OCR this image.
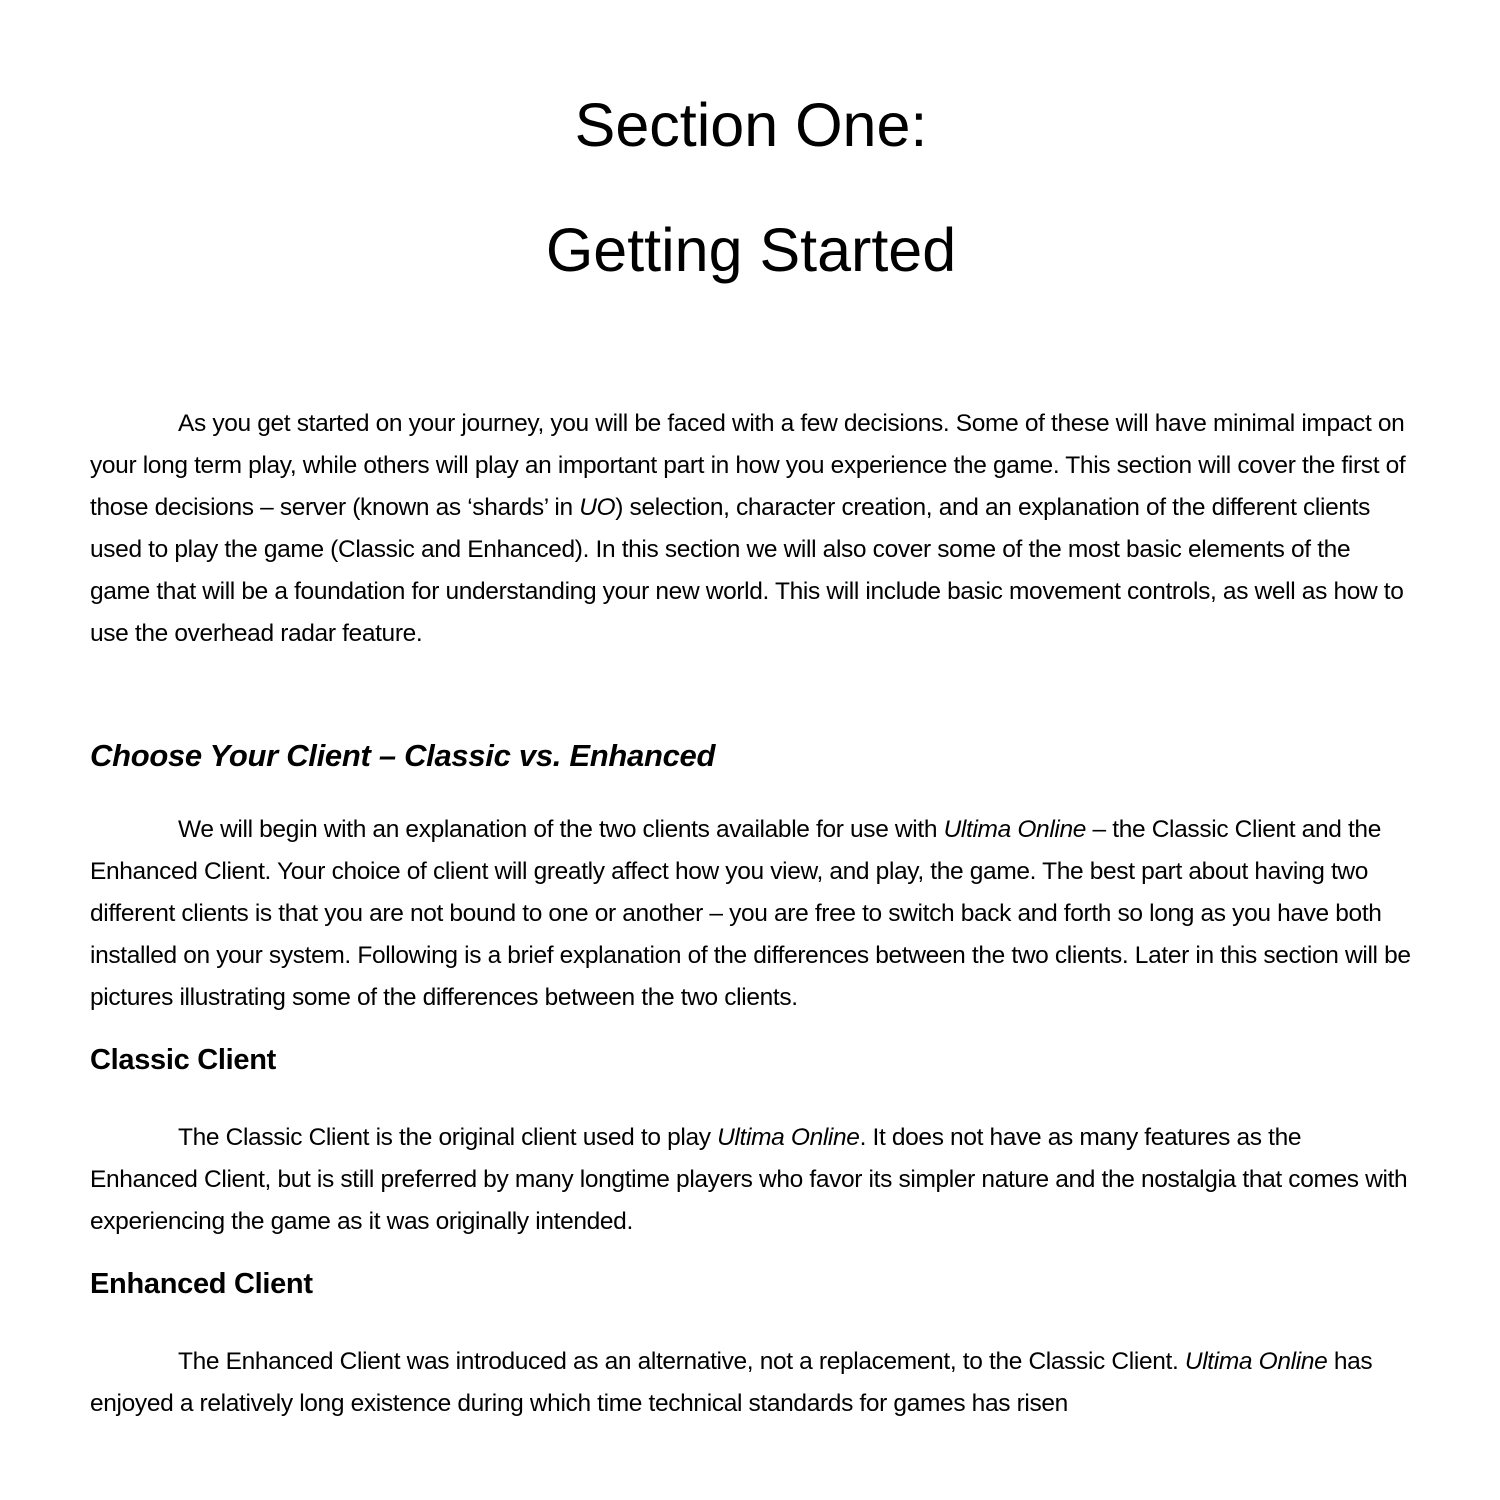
Section One:
Getting Started

As you get started on your journey, you will be faced with a few decisions. Some of these will have minimal impact on your long term play, while others will play an important part in how you experience the game. This section will cover the first of those decisions – server (known as ‘shards’ in UO) selection, character creation, and an explanation of the different clients used to play the game (Classic and Enhanced). In this section we will also cover some of the most basic elements of the game that will be a foundation for understanding your new world. This will include basic movement controls, as well as how to use the overhead radar feature.

Choose Your Client – Classic vs. Enhanced

We will begin with an explanation of the two clients available for use with Ultima Online – the Classic Client and the Enhanced Client. Your choice of client will greatly affect how you view, and play, the game. The best part about having two different clients is that you are not bound to one or another – you are free to switch back and forth so long as you have both installed on your system. Following is a brief explanation of the differences between the two clients. Later in this section will be pictures illustrating some of the differences between the two clients.

Classic Client

The Classic Client is the original client used to play Ultima Online. It does not have as many features as the Enhanced Client, but is still preferred by many longtime players who favor its simpler nature and the nostalgia that comes with experiencing the game as it was originally intended.

Enhanced Client

The Enhanced Client was introduced as an alternative, not a replacement, to the Classic Client. Ultima Online has enjoyed a relatively long existence during which time technical standards for games has risen
